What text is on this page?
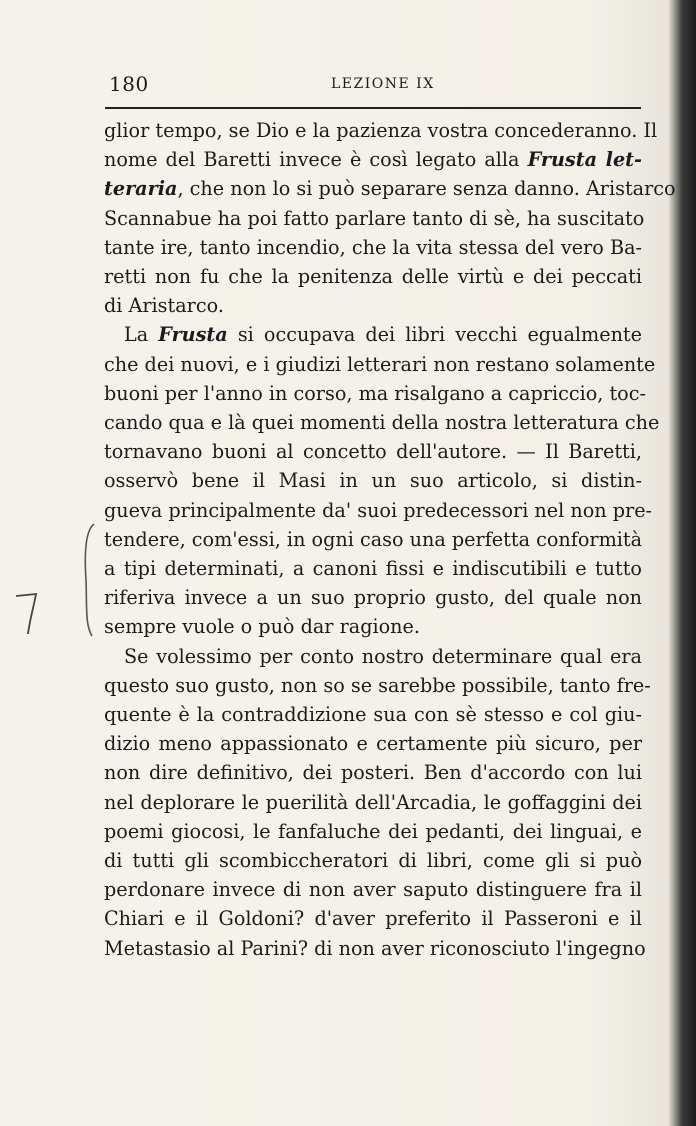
180	LEZIONE IX
glior tempo, se Dio e la pazienza vostra concederanno. Il
nome del Baretti invece è così legato alla Frusta let-
teraria, che non lo si può separare senza danno. Aristarco
Scannabue ha poi fatto parlare tanto di sè, ha suscitato
tante ire, tanto incendio, che la vita stessa del vero Ba-
retti non fu che la penitenza delle virtù e dei peccati
di Aristarco.
La Frusta si occupava dei libri vecchi egualmente
che dei nuovi, e i giudizi letterari non restano solamente
buoni per l'anno in corso, ma risalgano a capriccio, toc-
cando qua e là quei momenti della nostra letteratura che
tornavano buoni al concetto dell'autore. — Il Baretti,
osservò bene il Masi in un suo articolo, si distin-
gueva principalmente da' suoi predecessori nel non pre-
tendere, com'essi, in ogni caso una perfetta conformità
a tipi determinati, a canoni fissi e indiscutibili e tutto
riferiva invece a un suo proprio gusto, del quale non
sempre vuole o può dar ragione.
Se volessimo per conto nostro determinare qual era
questo suo gusto, non so se sarebbe possibile, tanto fre-
quente è la contraddizione sua con sè stesso e col giu-
dizio meno appassionato e certamente più sicuro, per
non dire definitivo, dei posteri. Ben d'accordo con lui
nel deplorare le puerilità dell'Arcadia, le goffaggini dei
poemi giocosi, le fanfaluche dei pedanti, dei linguai, e
di tutti gli scombiccheratori di libri, come gli si può
perdonare invece di non aver saputo distinguere fra il
Chiari e il Goldoni? d'aver preferito il Passeroni e il
Metastasio al Parini? di non aver riconosciuto l'ingegno
